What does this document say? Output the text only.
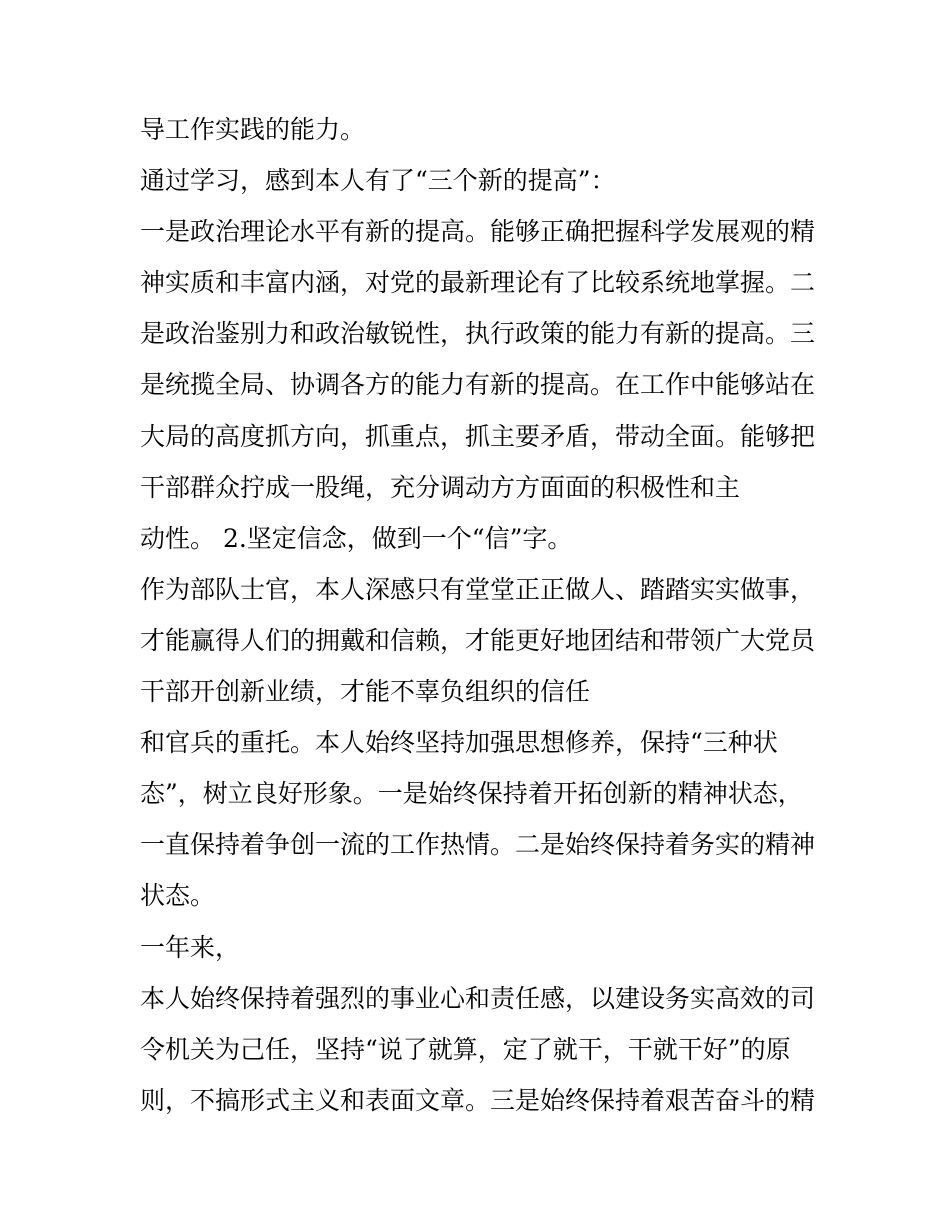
导工作实践的能力。
通过学习，感到本人有了“三个新的提高”：
一是政治理论水平有新的提高。能够正确把握科学发展观的精
神实质和丰富内涵，对党的最新理论有了比较系统地掌握。二
是政治鉴别力和政治敏锐性，执行政策的能力有新的提高。三
是统揽全局、协调各方的能力有新的提高。在工作中能够站在
大局的高度抓方向，抓重点，抓主要矛盾，带动全面。能够把
干部群众拧成一股绳，充分调动方方面面的积极性和主
动性。 2.坚定信念，做到一个“信”字。
作为部队士官，本人深感只有堂堂正正做人、踏踏实实做事，
才能赢得人们的拥戴和信赖，才能更好地团结和带领广大党员
干部开创新业绩，才能不辜负组织的信任
和官兵的重托。本人始终坚持加强思想修养，保持“三种状
态”，树立良好形象。一是始终保持着开拓创新的精神状态，
一直保持着争创一流的工作热情。二是始终保持着务实的精神
状态。
一年来，
本人始终保持着强烈的事业心和责任感，以建设务实高效的司
令机关为己任，坚持“说了就算，定了就干，干就干好”的原
则，不搞形式主义和表面文章。三是始终保持着艰苦奋斗的精
